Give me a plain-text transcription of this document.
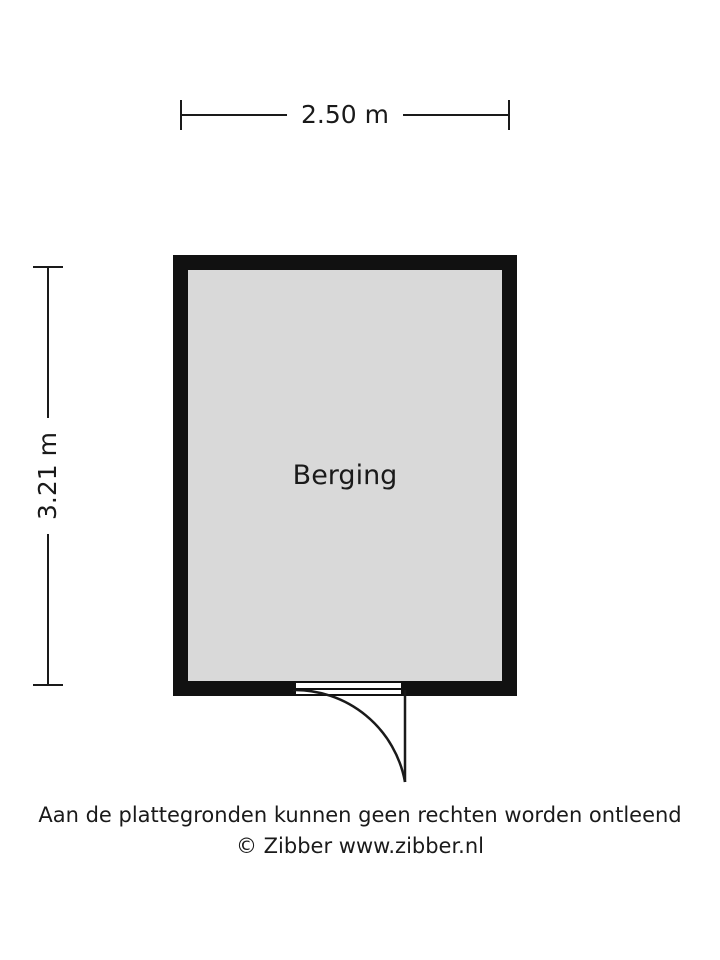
2.50 m
3.21 m	Berging
Aan de plattegronden kunnen geen rechten worden ontleend
© Zibber www.zibber.nl
